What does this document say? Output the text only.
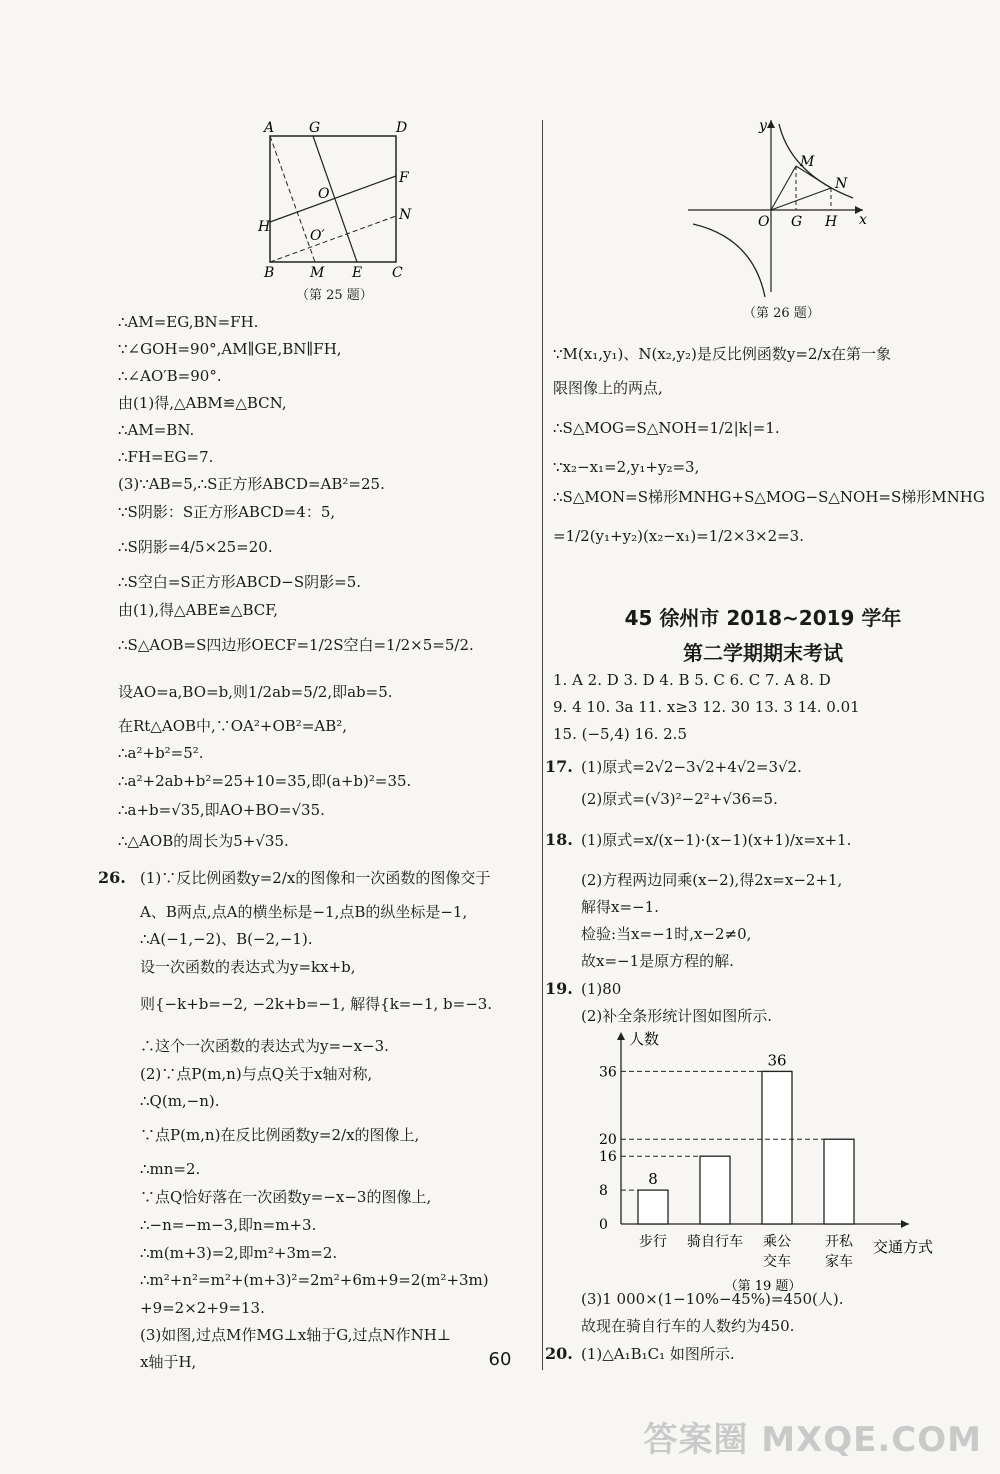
A G	D
F
O
N
H
O′
B	M E C
（第 25 题）
∴AM=EG,BN=FH.
∵∠GOH=90°,AM∥GE,BN∥FH,
∴∠AO′B=90°.
由(1)得,△ABM≌△BCN,
∴AM=BN.
∴FH=EG=7.
(3)∵AB=5,∴S正方形ABCD=AB²=25.
∵S阴影：S正方形ABCD=4：5,
∴S阴影=4/5×25=20.
∴S空白=S正方形ABCD−S阴影=5.
由(1),得△ABE≌△BCF,
∴S△AOB=S四边形OECF=1/2S空白=1/2×5=5/2.
设AO=a,BO=b,则1/2ab=5/2,即ab=5.
在Rt△AOB中,∵OA²+OB²=AB²,
∴a²+b²=5².
∴a²+2ab+b²=25+10=35,即(a+b)²=35.
∴a+b=√35,即AO+BO=√35.
∴△AOB的周长为5+√35.
26. (1)∵反比例函数y=2/x的图像和一次函数的图像交于
A、B两点,点A的横坐标是−1,点B的纵坐标是−1,
∴A(−1,−2)、B(−2,−1).
设一次函数的表达式为y=kx+b,
则{−k+b=−2, −2k+b=−1, 解得{k=−1, b=−3.
∴这个一次函数的表达式为y=−x−3.
(2)∵点P(m,n)与点Q关于x轴对称,
∴Q(m,−n).
∵点P(m,n)在反比例函数y=2/x的图像上,
∴mn=2.
∵点Q恰好落在一次函数y=−x−3的图像上,
∴−n=−m−3,即n=m+3.
∴m(m+3)=2,即m²+3m=2.
∴m²+n²=m²+(m+3)²=2m²+6m+9=2(m²+3m)
+9=2×2+9=13.
(3)如图,过点M作MG⊥x轴于G,过点N作NH⊥
x轴于H,
y
M
N
O G H x
（第 26 题）
∵M(x₁,y₁)、N(x₂,y₂)是反比例函数y=2/x在第一象
限图像上的两点,
∴S△MOG=S△NOH=1/2|k|=1.
∵x₂−x₁=2,y₁+y₂=3,
∴S△MON=S梯形MNHG+S△MOG−S△NOH=S梯形MNHG
=1/2(y₁+y₂)(x₂−x₁)=1/2×3×2=3.
45 徐州市 2018~2019 学年
第二学期期末考试
1. A 2. D 3. D 4. B 5. C 6. C 7. A 8. D
9. 4 10. 3a 11. x≥3 12. 30 13. 3 14. 0.01
15. (−5,4) 16. 2.5
17. (1)原式=2√2−3√2+4√2=3√2.
(2)原式=(√3)²−2²+√36=5.
18. (1)原式=x/(x−1)·(x−1)(x+1)/x=x+1.
(2)方程两边同乘(x−2),得2x=x−2+1,
解得x=−1.
检验:当x=−1时,x−2≠0,
故x=−1是原方程的解.
19. (1)80
(2)补全条形统计图如图所示.
人数
交通方式
0
8
16
20
36
8
步行 骑自行车
36
乘公
交车
开私
家车
（第 19 题）
(3)1 000×(1−10%−45%)=450(人).
故现在骑自行车的人数约为450.
20. (1)△A₁B₁C₁ 如图所示.
60
答案圈 MXQE.COM
